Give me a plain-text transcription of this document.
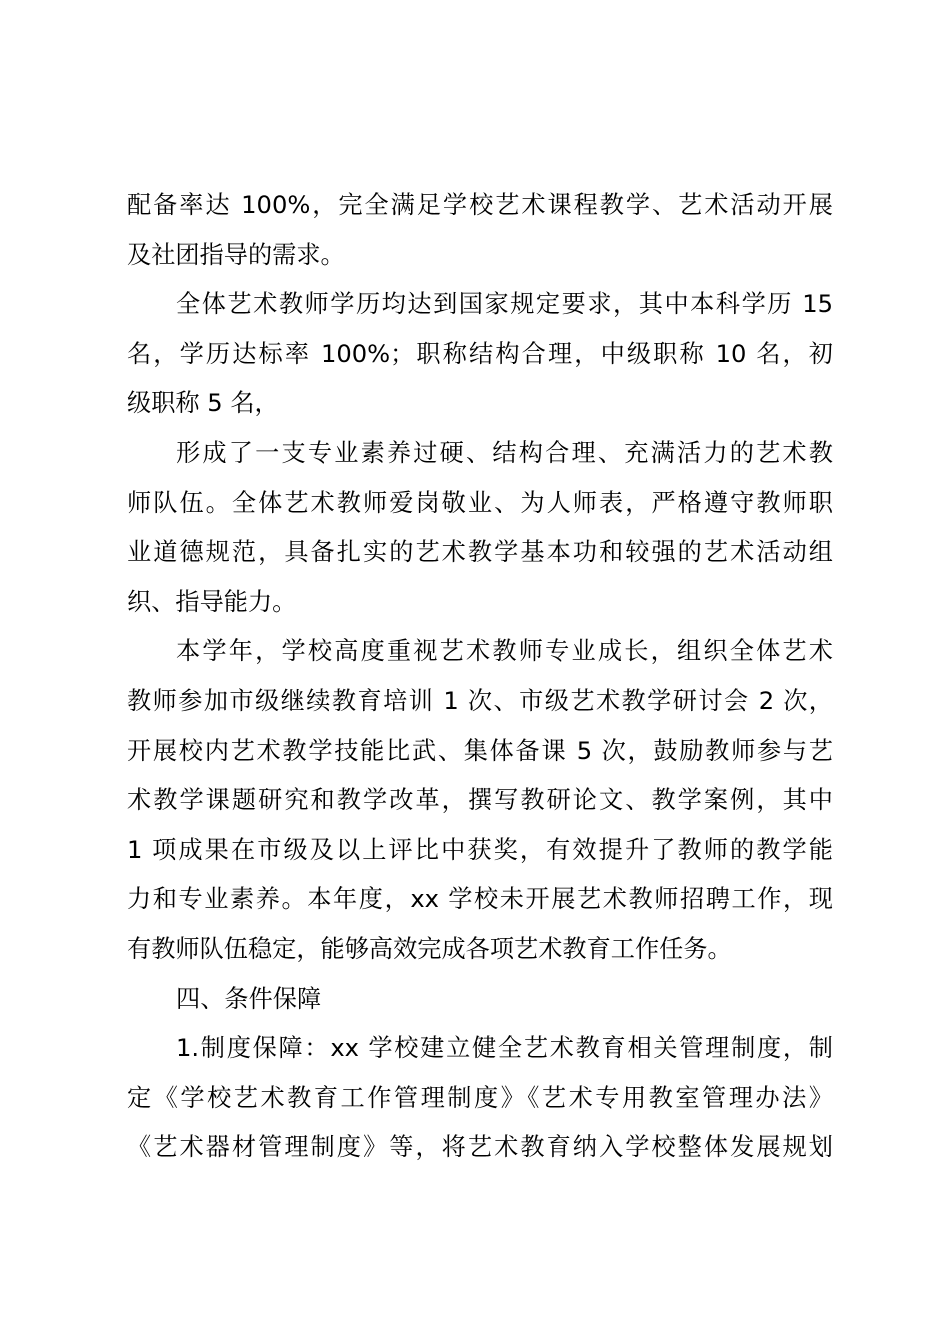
配备率达 100%，完全满足学校艺术课程教学、艺术活动开展
及社团指导的需求。
全体艺术教师学历均达到国家规定要求，其中本科学历 15
名，学历达标率 100%；职称结构合理，中级职称 10 名，初
级职称 5 名，
形成了一支专业素养过硬、结构合理、充满活力的艺术教
师队伍。全体艺术教师爱岗敬业、为人师表，严格遵守教师职
业道德规范，具备扎实的艺术教学基本功和较强的艺术活动组
织、指导能力。
本学年，学校高度重视艺术教师专业成长，组织全体艺术
教师参加市级继续教育培训 1 次、市级艺术教学研讨会 2 次，
开展校内艺术教学技能比武、集体备课 5 次，鼓励教师参与艺
术教学课题研究和教学改革，撰写教研论文、教学案例，其中
1 项成果在市级及以上评比中获奖，有效提升了教师的教学能
力和专业素养。本年度，xx 学校未开展艺术教师招聘工作，现
有教师队伍稳定，能够高效完成各项艺术教育工作任务。
四、条件保障
1.制度保障：xx 学校建立健全艺术教育相关管理制度，制
定《学校艺术教育工作管理制度》《艺术专用教室管理办法》
《艺术器材管理制度》等，将艺术教育纳入学校整体发展规划
